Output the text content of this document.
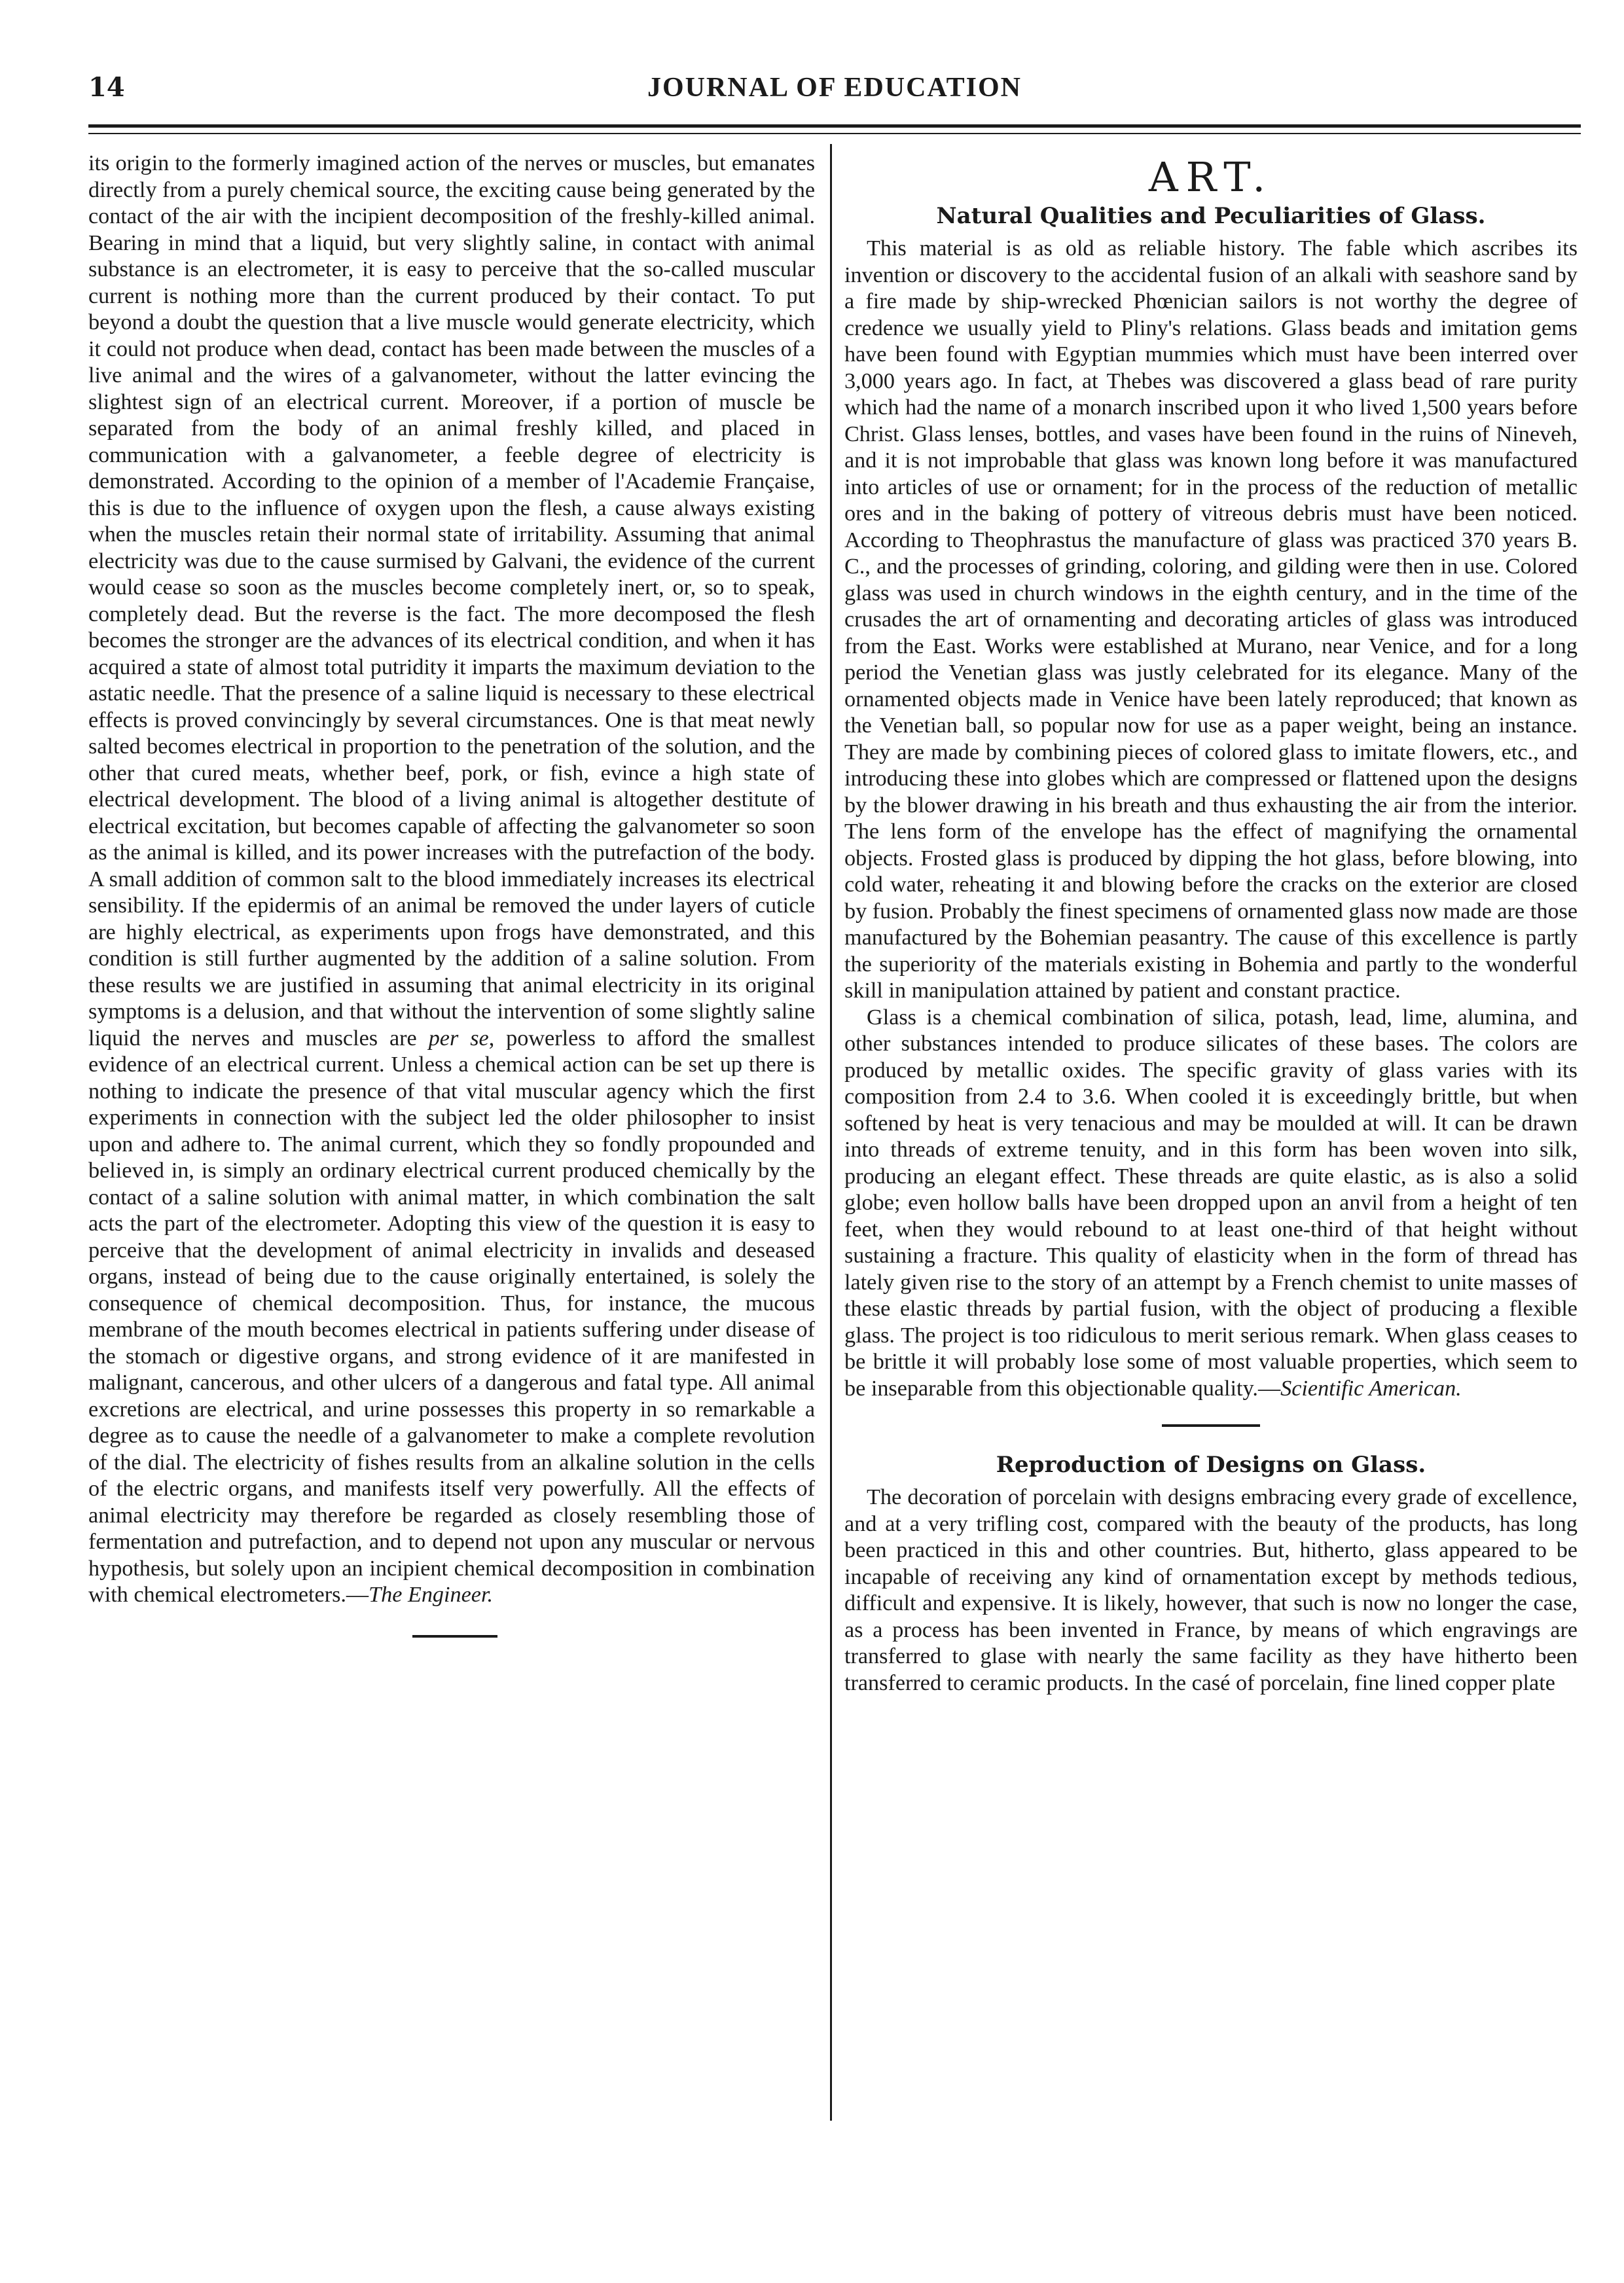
14	JOURNAL OF EDUCATION

its origin to the formerly imagined action of the nerves or muscles, but emanates directly from a purely chemical source, the exciting cause being generated by the contact of the air with the incipient decomposition of the freshly-killed animal. Bearing in mind that a liquid, but very slightly saline, in contact with animal substance is an electrometer, it is easy to perceive that the so-called muscular current is nothing more than the current produced by their contact. To put beyond a doubt the question that a live muscle would generate electricity, which it could not produce when dead, contact has been made between the muscles of a live animal and the wires of a galvanometer, without the latter evincing the slightest sign of an electrical current. Moreover, if a portion of muscle be separated from the body of an animal freshly killed, and placed in communication with a galvanometer, a feeble degree of electricity is demonstrated. According to the opinion of a member of l'Academie Française, this is due to the influence of oxygen upon the flesh, a cause always existing when the muscles retain their normal state of irritability. Assuming that animal electricity was due to the cause surmised by Galvani, the evidence of the current would cease so soon as the muscles become completely inert, or, so to speak, completely dead. But the reverse is the fact. The more decomposed the flesh becomes the stronger are the advances of its electrical condition, and when it has acquired a state of almost total putridity it imparts the maximum deviation to the astatic needle. That the presence of a saline liquid is necessary to these electrical effects is proved convincingly by several circumstances. One is that meat newly salted becomes electrical in proportion to the penetration of the solution, and the other that cured meats, whether beef, pork, or fish, evince a high state of electrical development. The blood of a living animal is altogether destitute of electrical excitation, but becomes capable of affecting the galvanometer so soon as the animal is killed, and its power increases with the putrefaction of the body. A small addition of common salt to the blood immediately increases its electrical sensibility. If the epidermis of an animal be removed the under layers of cuticle are highly electrical, as experiments upon frogs have demonstrated, and this condition is still further augmented by the addition of a saline solution. From these results we are justified in assuming that animal electricity in its original symptoms is a delusion, and that without the intervention of some slightly saline liquid the nerves and muscles are per se, powerless to afford the smallest evidence of an electrical current. Unless a chemical action can be set up there is nothing to indicate the presence of that vital muscular agency which the first experiments in connection with the subject led the older philosopher to insist upon and adhere to. The animal current, which they so fondly propounded and believed in, is simply an ordinary electrical current produced chemically by the contact of a saline solution with animal matter, in which combination the salt acts the part of the electrometer. Adopting this view of the question it is easy to perceive that the development of animal electricity in invalids and deseased organs, instead of being due to the cause originally entertained, is solely the consequence of chemical decomposition. Thus, for instance, the mucous membrane of the mouth becomes electrical in patients suffering under disease of the stomach or digestive organs, and strong evidence of it are manifested in malignant, cancerous, and other ulcers of a dangerous and fatal type. All animal excretions are electrical, and urine possesses this property in so remarkable a degree as to cause the needle of a galvanometer to make a complete revolution of the dial. The electricity of fishes results from an alkaline solution in the cells of the electric organs, and manifests itself very powerfully. All the effects of animal electricity may therefore be regarded as closely resembling those of fermentation and putrefaction, and to depend not upon any muscular or nervous hypothesis, but solely upon an incipient chemical decomposition in combination with chemical electrometers.—The Engineer.

ART.
Natural Qualities and Peculiarities of Glass.

This material is as old as reliable history. The fable which ascribes its invention or discovery to the accidental fusion of an alkali with seashore sand by a fire made by ship-wrecked Phœnician sailors is not worthy the degree of credence we usually yield to Pliny's relations. Glass beads and imitation gems have been found with Egyptian mummies which must have been interred over 3,000 years ago. In fact, at Thebes was discovered a glass bead of rare purity which had the name of a monarch inscribed upon it who lived 1,500 years before Christ. Glass lenses, bottles, and vases have been found in the ruins of Nineveh, and it is not improbable that glass was known long before it was manufactured into articles of use or ornament; for in the process of the reduction of metallic ores and in the baking of pottery of vitreous debris must have been noticed. According to Theophrastus the manufacture of glass was practiced 370 years B. C., and the processes of grinding, coloring, and gilding were then in use. Colored glass was used in church windows in the eighth century, and in the time of the crusades the art of ornamenting and decorating articles of glass was introduced from the East. Works were established at Murano, near Venice, and for a long period the Venetian glass was justly celebrated for its elegance. Many of the ornamented objects made in Venice have been lately reproduced; that known as the Venetian ball, so popular now for use as a paper weight, being an instance. They are made by combining pieces of colored glass to imitate flowers, etc., and introducing these into globes which are compressed or flattened upon the designs by the blower drawing in his breath and thus exhausting the air from the interior. The lens form of the envelope has the effect of magnifying the ornamental objects. Frosted glass is produced by dipping the hot glass, before blowing, into cold water, reheating it and blowing before the cracks on the exterior are closed by fusion. Probably the finest specimens of ornamented glass now made are those manufactured by the Bohemian peasantry. The cause of this excellence is partly the superiority of the materials existing in Bohemia and partly to the wonderful skill in manipulation attained by patient and constant practice.

Glass is a chemical combination of silica, potash, lead, lime, alumina, and other substances intended to produce silicates of these bases. The colors are produced by metallic oxides. The specific gravity of glass varies with its composition from 2.4 to 3.6. When cooled it is exceedingly brittle, but when softened by heat is very tenacious and may be moulded at will. It can be drawn into threads of extreme tenuity, and in this form has been woven into silk, producing an elegant effect. These threads are quite elastic, as is also a solid globe; even hollow balls have been dropped upon an anvil from a height of ten feet, when they would rebound to at least one-third of that height without sustaining a fracture. This quality of elasticity when in the form of thread has lately given rise to the story of an attempt by a French chemist to unite masses of these elastic threads by partial fusion, with the object of producing a flexible glass. The project is too ridiculous to merit serious remark. When glass ceases to be brittle it will probably lose some of most valuable properties, which seem to be inseparable from this objectionable quality.—Scientific American.

Reproduction of Designs on Glass.

The decoration of porcelain with designs embracing every grade of excellence, and at a very trifling cost, compared with the beauty of the products, has long been practiced in this and other countries. But, hitherto, glass appeared to be incapable of receiving any kind of ornamentation except by methods tedious, difficult and expensive. It is likely, however, that such is now no longer the case, as a process has been invented in France, by means of which engravings are transferred to glase with nearly the same facility as they have hitherto been transferred to ceramic products. In the casé of porcelain, fine lined copper plate
